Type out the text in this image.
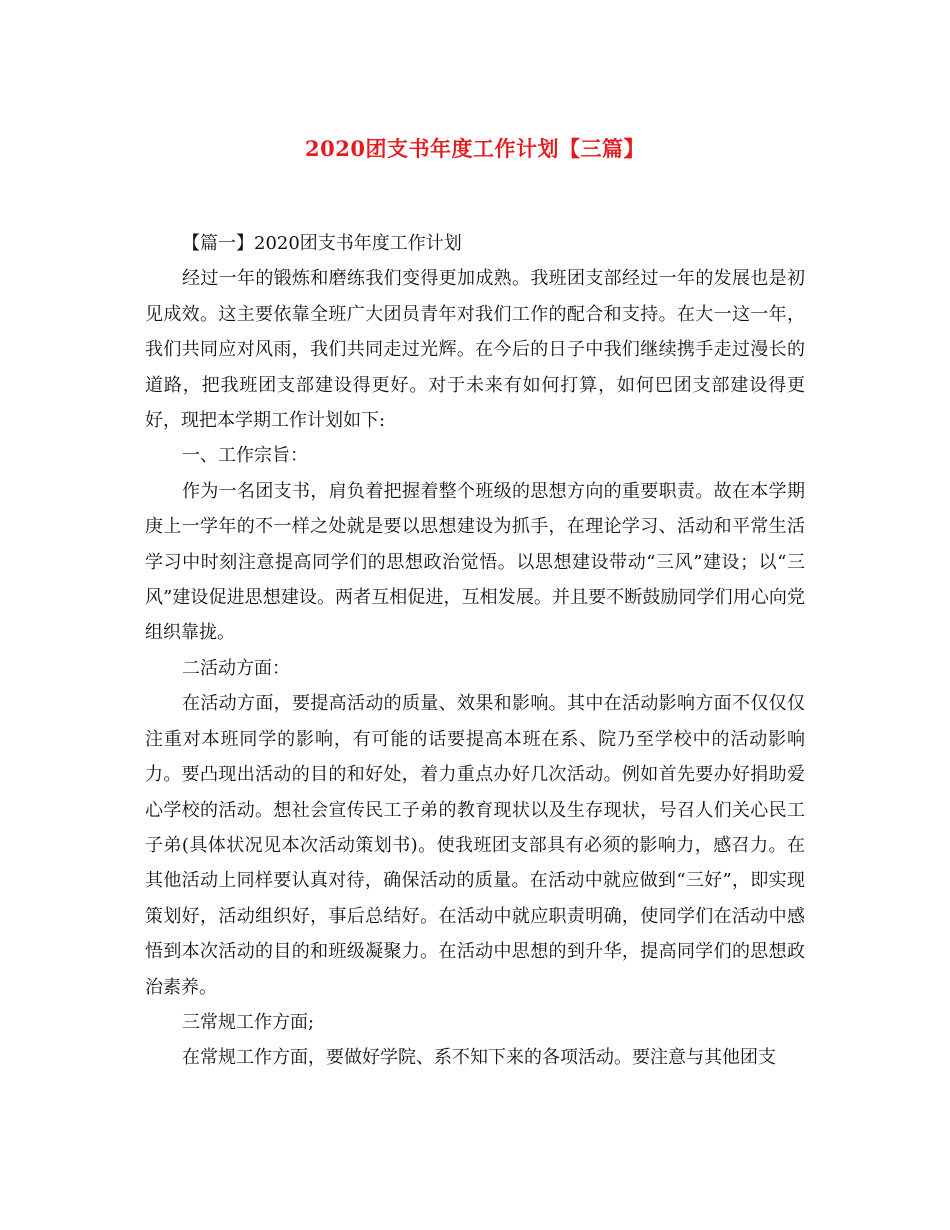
2020团支书年度工作计划【三篇】

【篇一】2020团支书年度工作计划

经过一年的锻炼和磨练我们变得更加成熟。我班团支部经过一年的发展也是初见成效。这主要依靠全班广大团员青年对我们工作的配合和支持。在大一这一年，我们共同应对风雨，我们共同走过光辉。在今后的日子中我们继续携手走过漫长的道路，把我班团支部建设得更好。对于未来有如何打算，如何巴团支部建设得更好，现把本学期工作计划如下:

一、工作宗旨：

作为一名团支书，肩负着把握着整个班级的思想方向的重要职责。故在本学期庚上一学年的不一样之处就是要以思想建设为抓手，在理论学习、活动和平常生活学习中时刻注意提高同学们的思想政治觉悟。以思想建设带动“三风”建设；以“三风”建设促进思想建设。两者互相促进，互相发展。并且要不断鼓励同学们用心向党组织靠拢。

二活动方面：

在活动方面，要提高活动的质量、效果和影响。其中在活动影响方面不仅仅仅注重对本班同学的影响，有可能的话要提高本班在系、院乃至学校中的活动影响力。要凸现出活动的目的和好处，着力重点办好几次活动。例如首先要办好捐助爱心学校的活动。想社会宣传民工子弟的教育现状以及生存现状，号召人们关心民工子弟(具体状况见本次活动策划书)。使我班团支部具有必须的影响力，感召力。在其他活动上同样要认真对待，确保活动的质量。在活动中就应做到“三好”，即实现策划好，活动组织好，事后总结好。在活动中就应职责明确，使同学们在活动中感悟到本次活动的目的和班级凝聚力。在活动中思想的到升华，提高同学们的思想政治素养。

三常规工作方面;

在常规工作方面，要做好学院、系不知下来的各项活动。要注意与其他团支
